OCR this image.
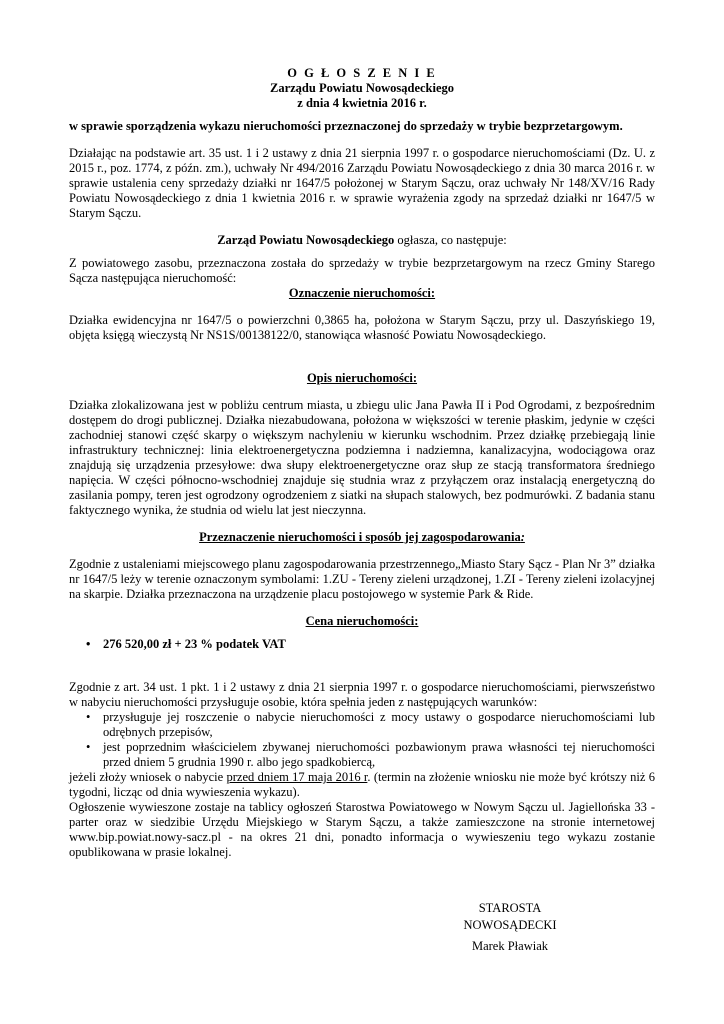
O G Ł O S Z E N I E

Zarządu Powiatu Nowosądeckiego

z dnia 4 kwietnia 2016 r.

w sprawie sporządzenia wykazu nieruchomości przeznaczonej do sprzedaży w trybie bezprzetargowym.

Działając na podstawie art. 35 ust. 1 i 2 ustawy z dnia 21 sierpnia 1997 r. o gospodarce nieruchomościami (Dz. U. z 2015 r., poz. 1774, z późn. zm.), uchwały Nr 494/2016 Zarządu Powiatu Nowosądeckiego z dnia 30 marca 2016 r. w sprawie ustalenia ceny sprzedaży działki nr 1647/5 położonej w Starym Sączu, oraz uchwały Nr 148/XV/16 Rady Powiatu Nowosądeckiego z dnia 1 kwietnia 2016 r. w sprawie wyrażenia zgody na sprzedaż działki nr 1647/5 w Starym Sączu.

Zarząd Powiatu Nowosądeckiego ogłasza, co następuje:

Z powiatowego zasobu, przeznaczona została do sprzedaży w trybie bezprzetargowym na rzecz Gminy Starego Sącza następująca nieruchomość:

Oznaczenie nieruchomości:

Działka ewidencyjna nr 1647/5 o powierzchni 0,3865 ha, położona w Starym Sączu, przy ul. Daszyńskiego 19, objęta księgą wieczystą Nr NS1S/00138122/0, stanowiąca własność Powiatu Nowosądeckiego.

Opis nieruchomości:

Działka zlokalizowana jest w pobliżu centrum miasta, u zbiegu ulic Jana Pawła II i Pod Ogrodami, z bezpośrednim dostępem do drogi publicznej. Działka niezabudowana, położona w większości w terenie płaskim, jedynie w części zachodniej stanowi część skarpy o większym nachyleniu w kierunku wschodnim. Przez działkę przebiegają linie infrastruktury technicznej: linia elektroenergetyczna podziemna i nadziemna, kanalizacyjna, wodociągowa oraz znajdują się urządzenia przesyłowe: dwa słupy elektroenergetyczne oraz słup ze stacją transformatora średniego napięcia. W części północno-wschodniej znajduje się studnia wraz z przyłączem oraz instalacją energetyczną do zasilania pompy, teren jest ogrodzony ogrodzeniem z siatki na słupach stalowych, bez podmurówki. Z badania stanu faktycznego wynika, że studnia od wielu lat jest nieczynna.

Przeznaczenie nieruchomości i sposób jej zagospodarowania:

Zgodnie z ustaleniami miejscowego planu zagospodarowania przestrzennego„Miasto Stary Sącz - Plan Nr 3” działka nr 1647/5 leży w terenie oznaczonym symbolami: 1.ZU - Tereny zieleni urządzonej, 1.ZI - Tereny zieleni izolacyjnej na skarpie. Działka przeznaczona na urządzenie placu postojowego w systemie Park & Ride.

Cena nieruchomości:

• 276 520,00 zł + 23 % podatek VAT

Zgodnie z art. 34 ust. 1 pkt. 1 i 2 ustawy z dnia 21 sierpnia 1997 r. o gospodarce nieruchomościami, pierwszeństwo w nabyciu nieruchomości przysługuje osobie, która spełnia jeden z następujących warunków:

• przysługuje jej roszczenie o nabycie nieruchomości z mocy ustawy o gospodarce nieruchomościami lub odrębnych przepisów,
• jest poprzednim właścicielem zbywanej nieruchomości pozbawionym prawa własności tej nieruchomości przed dniem 5 grudnia 1990 r. albo jego spadkobiercą,

jeżeli złoży wniosek o nabycie przed dniem 17 maja 2016 r. (termin na złożenie wniosku nie może być krótszy niż 6 tygodni, licząc od dnia wywieszenia wykazu).

Ogłoszenie wywieszone zostaje na tablicy ogłoszeń Starostwa Powiatowego w Nowym Sączu ul. Jagiellońska 33 - parter oraz w siedzibie Urzędu Miejskiego w Starym Sączu, a także zamieszczone na stronie internetowej www.bip.powiat.nowy-sacz.pl - na okres 21 dni, ponadto informacja o wywieszeniu tego wykazu zostanie opublikowana w prasie lokalnej.

STAROSTA

NOWOSĄDECKI

Marek Pławiak
